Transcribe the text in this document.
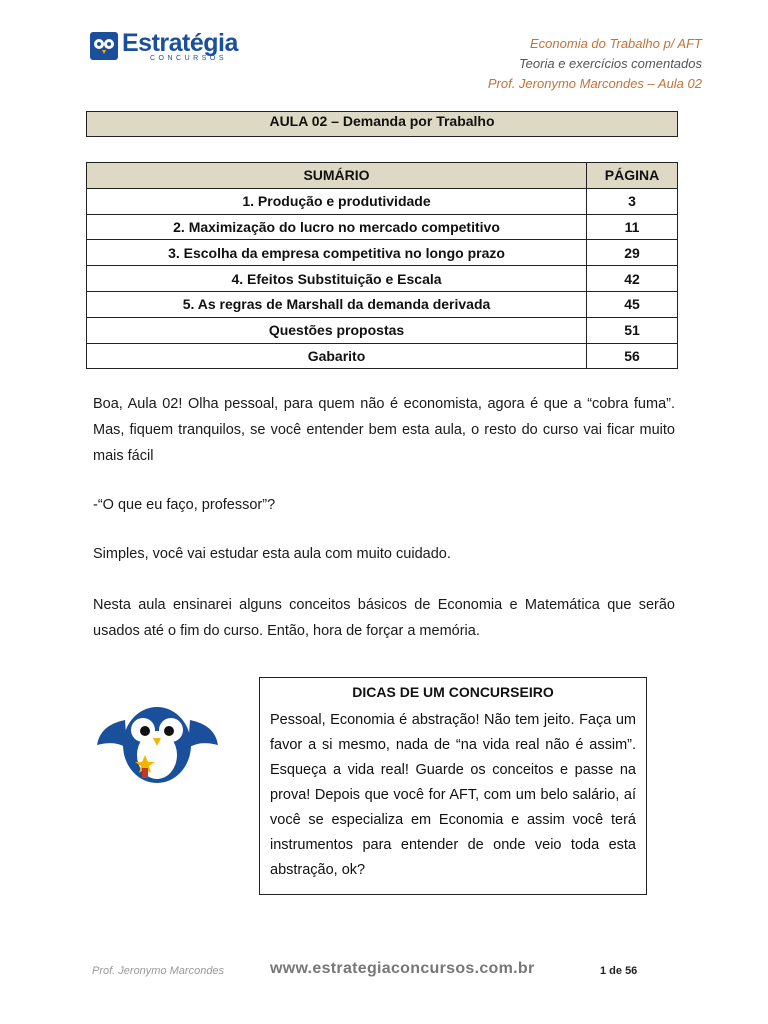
Estratégia
CONCURSOS
Economia do Trabalho p/ AFT
Teoria e exercícios comentados
Prof. Jeronymo Marcondes – Aula 02
AULA 02 – Demanda por Trabalho
SUMÁRIO	PÁGINA
1. Produção e produtividade	3
2. Maximização do lucro no mercado competitivo	11
3. Escolha da empresa competitiva no longo prazo	29
4. Efeitos Substituição e Escala	42
5. As regras de Marshall da demanda derivada	45
Questões propostas	51
Gabarito	56
Boa, Aula 02! Olha pessoal, para quem não é economista, agora é que a “cobra fuma”. Mas, fiquem tranquilos, se você entender bem esta aula, o resto do curso vai ficar muito mais fácil
-“O que eu faço, professor”?
Simples, você vai estudar esta aula com muito cuidado.
Nesta aula ensinarei alguns conceitos básicos de Economia e Matemática que serão usados até o fim do curso. Então, hora de forçar a memória.
DICAS DE UM CONCURSEIRO
Pessoal, Economia é abstração! Não tem jeito. Faça um favor a si mesmo, nada de “na vida real não é assim”. Esqueça a vida real! Guarde os conceitos e passe na prova! Depois que você for AFT, com um belo salário, aí você se especializa em Economia e assim você terá instrumentos para entender de onde veio toda esta abstração, ok?
Prof. Jeronymo Marcondes	www.estrategiaconcursos.com.br	1 de 56
